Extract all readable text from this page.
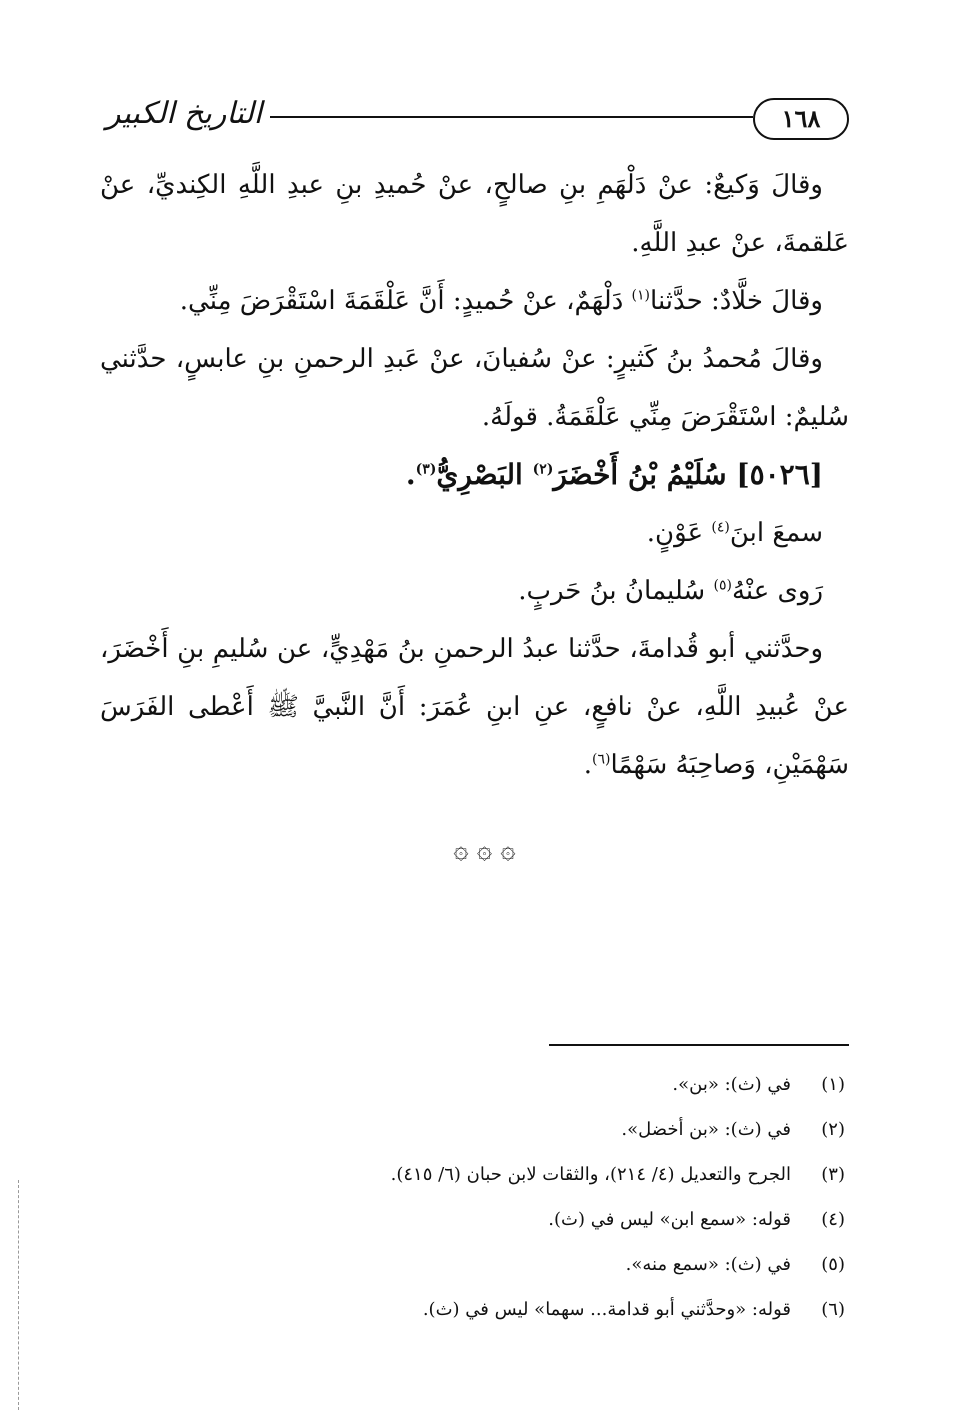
١٦٨
التاريخ الكبير

وقالَ وَكيعٌ: عنْ دَلْهَمِ بنِ صالحٍ، عنْ حُميدِ بنِ عبدِ اللَّهِ الكِنديِّ، عنْ عَلقمةَ، عنْ عبدِ اللَّهِ.

وقالَ خلَّادٌ: حدَّثنا$^{(١)}$ دَلْهَمٌ، عنْ حُميدٍ: أَنَّ عَلْقَمَةَ اسْتَقْرَضَ مِنِّي.

وقالَ مُحمدُ بنُ كَثيرٍ: عنْ سُفيانَ، عنْ عَبدِ الرحمنِ بنِ عابسٍ، حدَّثني سُليمٌ: اسْتَقْرَضَ مِنِّي عَلْقَمَةُ. قولَهُ.

[٥٠٢٦] سُلَيْمُ بْنُ أَخْضَرَ$^{(٢)}$ البَصْرِيُّ$^{(٣)}$.

سمعَ ابنَ$^{(٤)}$ عَوْنٍ.

رَوى عنْهُ$^{(٥)}$ سُليمانُ بنُ حَربٍ.

وحدَّثني أبو قُدامةَ، حدَّثنا عبدُ الرحمنِ بنُ مَهْدِيٍّ، عن سُليمِ بنِ أَخْضَرَ، عنْ عُبيدِ اللَّهِ، عنْ نافعٍ، عنِ ابنِ عُمَرَ: أَنَّ النَّبيَّ ﷺ أَعْطى الفَرَسَ سَهْمَيْنِ، وَصاحِبَهُ سَهْمًا$^{(٦)}$.

۞ ۞ ۞

(١)في (ث): «بن».

(٢)في (ث): «بن أخضل».

(٣)الجرح والتعديل (٤/ ٢١٤)، والثقات لابن حبان (٦/ ٤١٥).

(٤)قوله: «سمع ابن» ليس في (ث).

(٥)في (ث): «سمع منه».

(٦)قوله: «وحدَّثني أبو قدامة... سهما» ليس في (ث).
